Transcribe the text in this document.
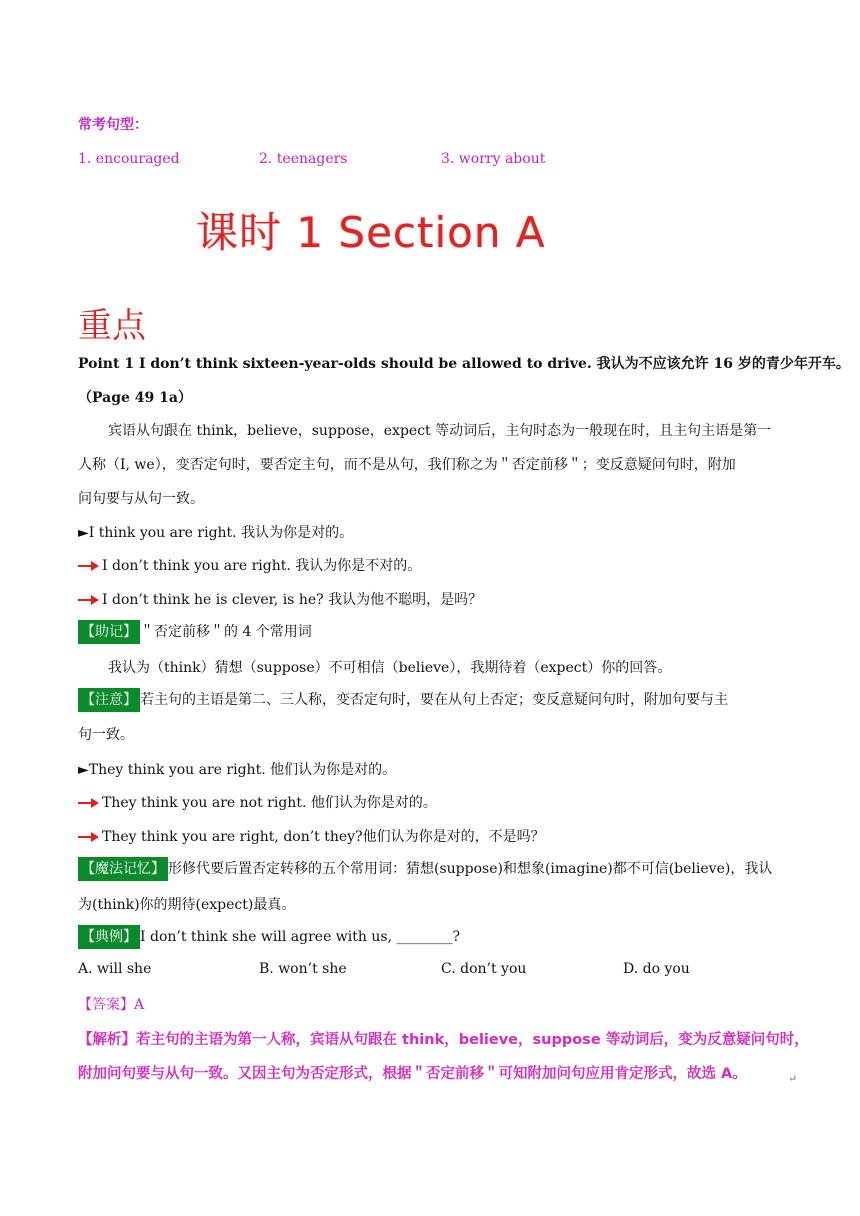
常考句型：
1. encouraged	2. teenagers	3. worry about
课时 1 Section A
重点
Point 1 I don’t think sixteen-year-olds should be allowed to drive. 我认为不应该允许 16 岁的青少年开车。
（Page 49 1a）
宾语从句跟在 think，believe，suppose，expect 等动词后，主句时态为一般现在时，且主句主语是第一
人称（I, we），变否定句时，要否定主句，而不是从句，我们称之为＂否定前移＂；变反意疑问句时，附加
问句要与从句一致。
►I think you are right. 我认为你是对的。
I don’t think you are right. 我认为你是不对的。
I don’t think he is clever, is he? 我认为他不聪明，是吗？
【助记】 ＂否定前移＂的 4 个常用词
我认为（think）猜想（suppose）不可相信（believe），我期待着（expect）你的回答。
【注意】 若主句的主语是第二、三人称，变否定句时，要在从句上否定；变反意疑问句时，附加句要与主
句一致。
►They think you are right. 他们认为你是对的。
They think you are not right. 他们认为你是对的。
They think you are right, don’t they?他们认为你是对的，不是吗？
【魔法记忆】 形修代要后置否定转移的五个常用词：猜想(suppose)和想象(imagine)都不可信(believe)，我认
为(think)你的期待(expect)最真。
【典例】 I don’t think she will agree with us, ________?
A. will she	B. won’t she	C. don’t you	D. do you
【答案】A
【解析】若主句的主语为第一人称，宾语从句跟在 think，believe，suppose 等动词后，变为反意疑问句时，
附加问句要与从句一致。又因主句为否定形式，根据＂否定前移＂可知附加问句应用肯定形式，故选 A。	↵
